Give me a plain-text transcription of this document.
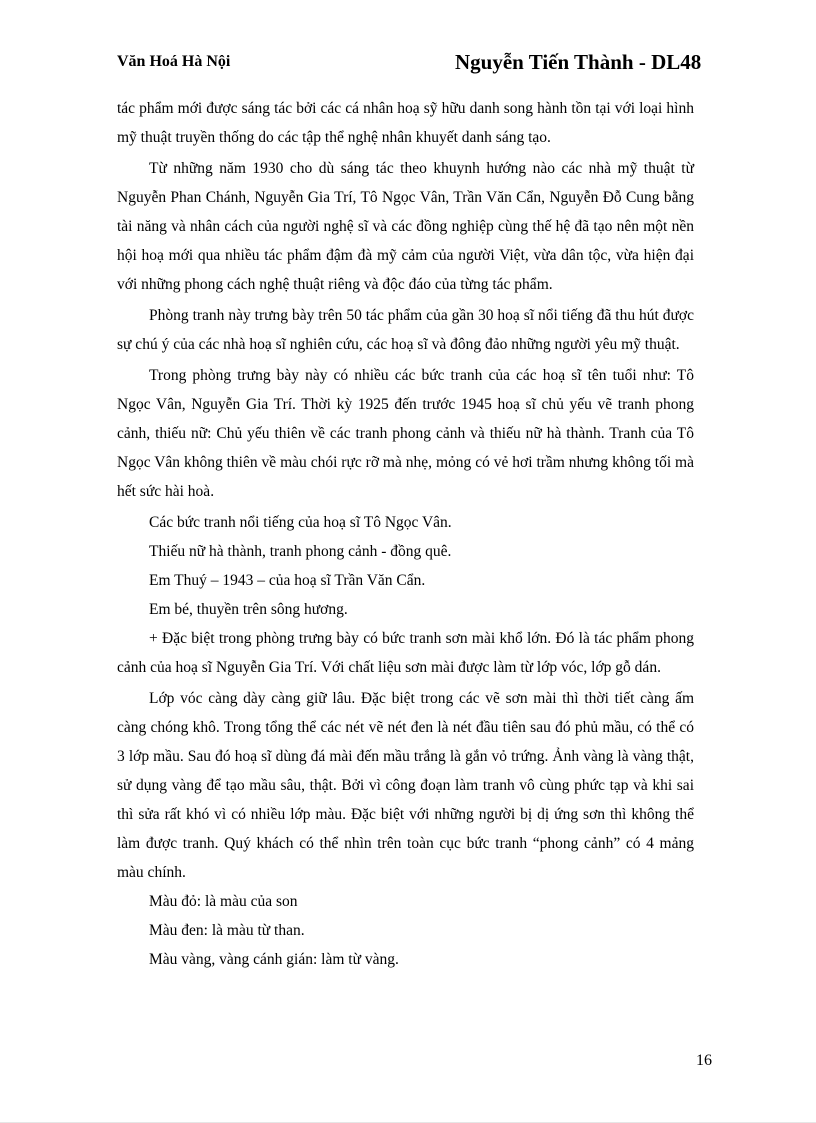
Văn Hoá Hà Nội	Nguyễn Tiến Thành - DL48

tác phẩm mới được sáng tác bởi các cá nhân hoạ sỹ hữu danh song hành tồn tại với loại hình mỹ thuật truyền thống do các tập thể nghệ nhân khuyết danh sáng tạo.

Từ những năm 1930 cho dù sáng tác theo khuynh hướng nào các nhà mỹ thuật từ Nguyễn Phan Chánh, Nguyễn Gia Trí, Tô Ngọc Vân, Trần Văn Cẩn, Nguyễn Đỗ Cung bằng tài năng và nhân cách của người nghệ sĩ và các đồng nghiệp cùng thế hệ đã tạo nên một nền hội hoạ mới qua nhiều tác phẩm đậm đà mỹ cảm của người Việt, vừa dân tộc, vừa hiện đại với những phong cách nghệ thuật riêng và độc đáo của từng tác phẩm.

Phòng tranh này trưng bày trên 50 tác phẩm của gần 30 hoạ sĩ nổi tiếng đã thu hút được sự chú ý của các nhà hoạ sĩ nghiên cứu, các hoạ sĩ và đông đảo những người yêu mỹ thuật.

Trong phòng trưng bày này có nhiều các bức tranh của các hoạ sĩ tên tuổi như: Tô Ngọc Vân, Nguyễn Gia Trí. Thời kỳ 1925 đến trước 1945 hoạ sĩ chủ yếu vẽ tranh phong cảnh, thiếu nữ: Chủ yếu thiên về các tranh phong cảnh và thiếu nữ hà thành. Tranh của Tô Ngọc Vân không thiên về màu chói rực rỡ mà nhẹ, mỏng có vẻ hơi trầm nhưng không tối mà hết sức hài hoà.

Các bức tranh nổi tiếng của hoạ sĩ Tô Ngọc Vân.

Thiếu nữ hà thành, tranh phong cảnh - đồng quê.

Em Thuý – 1943 – của hoạ sĩ Trần Văn Cẩn.

Em bé, thuyền trên sông hương.

+ Đặc biệt trong phòng trưng bày có bức tranh sơn mài khổ lớn. Đó là tác phẩm phong cảnh của hoạ sĩ Nguyễn Gia Trí. Với chất liệu sơn mài được làm từ lớp vóc, lớp gỗ dán.

Lớp vóc càng dày càng giữ lâu. Đặc biệt trong các vẽ sơn mài thì thời tiết càng ấm càng chóng khô. Trong tổng thể các nét vẽ nét đen là nét đầu tiên sau đó phủ mầu, có thể có 3 lớp mầu. Sau đó hoạ sĩ dùng đá mài đến mầu trắng là gắn vỏ trứng. Ảnh vàng là vàng thật, sử dụng vàng để tạo mầu sâu, thật. Bởi vì công đoạn làm tranh vô cùng phức tạp và khi sai thì sửa rất khó vì có nhiều lớp màu. Đặc biệt với những người bị dị ứng sơn thì không thể làm được tranh. Quý khách có thể nhìn trên toàn cục bức tranh “phong cảnh” có 4 mảng màu chính.

Màu đỏ: là màu của son

Màu đen: là màu từ than.

Màu vàng, vàng cánh gián: làm từ vàng.

16
